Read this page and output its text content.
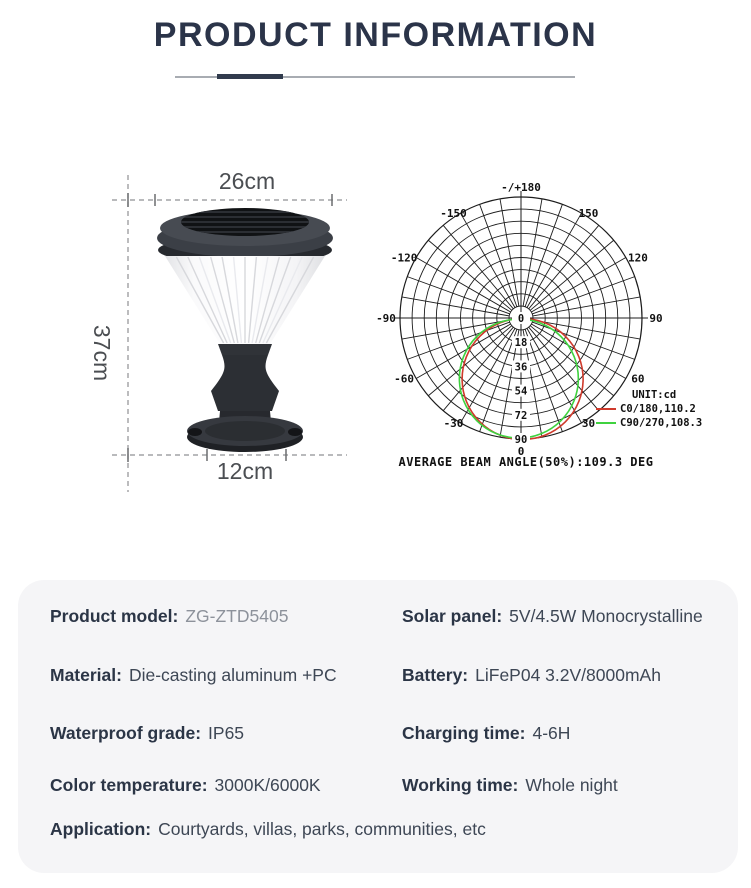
PRODUCT INFORMATION
26cm
37cm
12cm
-/+180
-150	150
-120	120
-90	90
-60	60
-30	30
0
0
18
36
54
72
90
UNIT:cd
C0/180,110.2
C90/270,108.3
AVERAGE BEAM ANGLE(50%):109.3 DEG
Product model: ZG-ZTD5405	Solar panel: 5V/4.5W Monocrystalline
Material: Die-casting aluminum +PC	Battery: LiFeP04 3.2V/8000mAh
Waterproof grade: IP65	Charging time: 4-6H
Color temperature: 3000K/6000K	Working time: Whole night
Application: Courtyards, villas, parks, communities, etc
